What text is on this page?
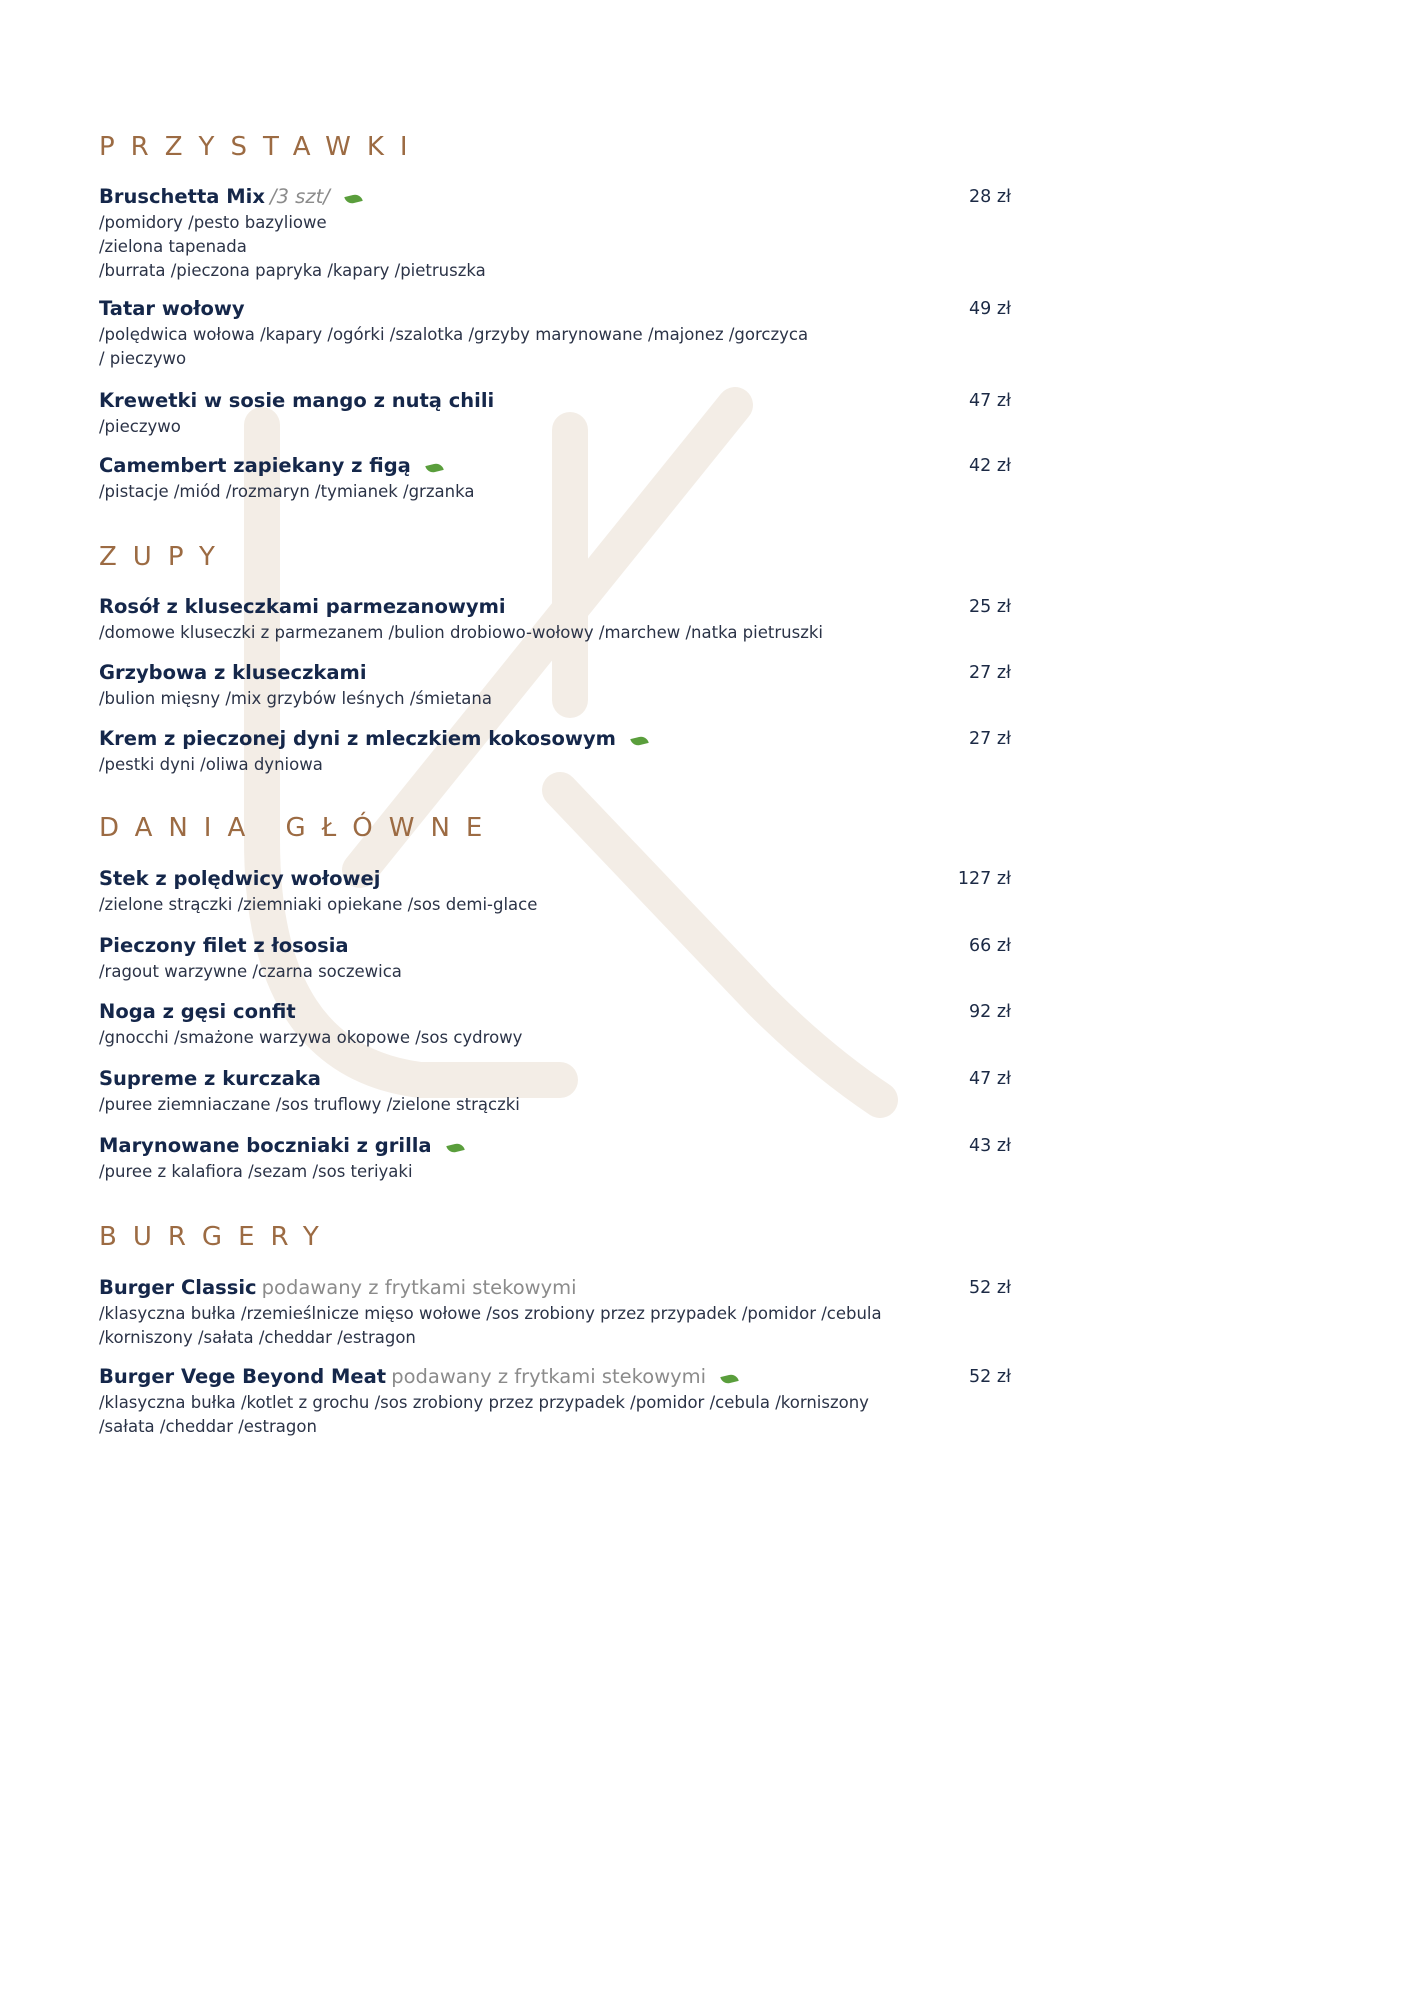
PRZYSTAWKI
Bruschetta Mix /3 szt/
/pomidory /pesto bazyliowe
/zielona tapenada
/burrata /pieczona papryka /kapary /pietruszka
28 zł
Tatar wołowy
/polędwica wołowa /kapary /ogórki /szalotka /grzyby marynowane /majonez /gorczyca
/ pieczywo
49 zł
Krewetki w sosie mango z nutą chili
/pieczywo
47 zł
Camembert zapiekany z figą
/pistacje /miód /rozmaryn /tymianek /grzanka
42 zł
ZUPY
Rosół z kluseczkami parmezanowymi
/domowe kluseczki z parmezanem /bulion drobiowo-wołowy /marchew /natka pietruszki
25 zł
Grzybowa z kluseczkami
/bulion mięsny /mix grzybów leśnych /śmietana
27 zł
Krem z pieczonej dyni z mleczkiem kokosowym
/pestki dyni /oliwa dyniowa
27 zł
DANIA GŁÓWNE
Stek z polędwicy wołowej
/zielone strączki /ziemniaki opiekane /sos demi-glace
127 zł
Pieczony filet z łososia
/ragout warzywne /czarna soczewica
66 zł
Noga z gęsi confit
/gnocchi /smażone warzywa okopowe /sos cydrowy
92 zł
Supreme z kurczaka
/puree ziemniaczane /sos truflowy /zielone strączki
47 zł
Marynowane boczniaki z grilla
/puree z kalafiora /sezam /sos teriyaki
43 zł
BURGERY
Burger Classic podawany z frytkami stekowymi
/klasyczna bułka /rzemieślnicze mięso wołowe /sos zrobiony przez przypadek /pomidor /cebula
/korniszony /sałata /cheddar /estragon
52 zł
Burger Vege Beyond Meat podawany z frytkami stekowymi
/klasyczna bułka /kotlet z grochu /sos zrobiony przez przypadek /pomidor /cebula /korniszony
/sałata /cheddar /estragon
52 zł
